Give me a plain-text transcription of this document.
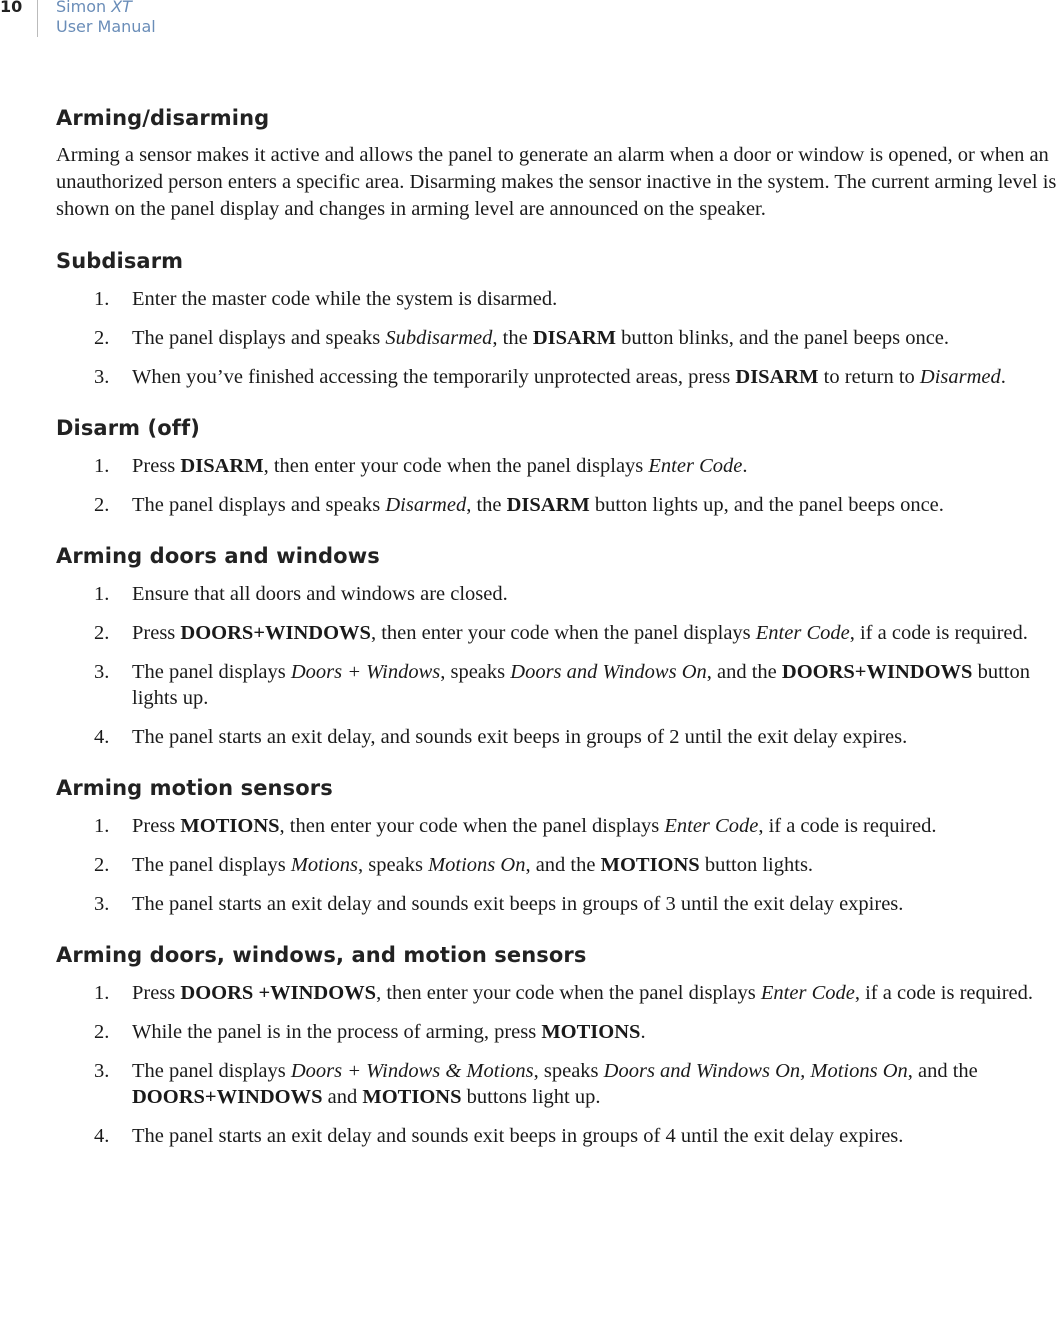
10	Simon XT
User Manual
Arming/disarming

Arming a sensor makes it active and allows the panel to generate an alarm when a door or window is opened, or when an unauthorized person enters a specific area. Disarming makes the sensor inactive in the system. The current arming level is shown on the panel display and changes in arming level are announced on the speaker.

Subdisarm
1. Enter the master code while the system is disarmed.
2. The panel displays and speaks Subdisarmed, the DISARM button blinks, and the panel beeps once.
3. When you’ve finished accessing the temporarily unprotected areas, press DISARM to return to Disarmed.
Disarm (off)
1. Press DISARM, then enter your code when the panel displays Enter Code.
2. The panel displays and speaks Disarmed, the DISARM button lights up, and the panel beeps once.
Arming doors and windows
1. Ensure that all doors and windows are closed.
2. Press DOORS+WINDOWS, then enter your code when the panel displays Enter Code, if a code is required.
3. The panel displays Doors + Windows, speaks Doors and Windows On, and the DOORS+WINDOWS button lights up.
4. The panel starts an exit delay, and sounds exit beeps in groups of 2 until the exit delay expires.
Arming motion sensors
1. Press MOTIONS, then enter your code when the panel displays Enter Code, if a code is required.
2. The panel displays Motions, speaks Motions On, and the MOTIONS button lights.
3. The panel starts an exit delay and sounds exit beeps in groups of 3 until the exit delay expires.
Arming doors, windows, and motion sensors
1. Press DOORS +WINDOWS, then enter your code when the panel displays Enter Code, if a code is required.
2. While the panel is in the process of arming, press MOTIONS.
3. The panel displays Doors + Windows & Motions, speaks Doors and Windows On, Motions On, and the DOORS+WINDOWS and MOTIONS buttons light up.
4. The panel starts an exit delay and sounds exit beeps in groups of 4 until the exit delay expires.
